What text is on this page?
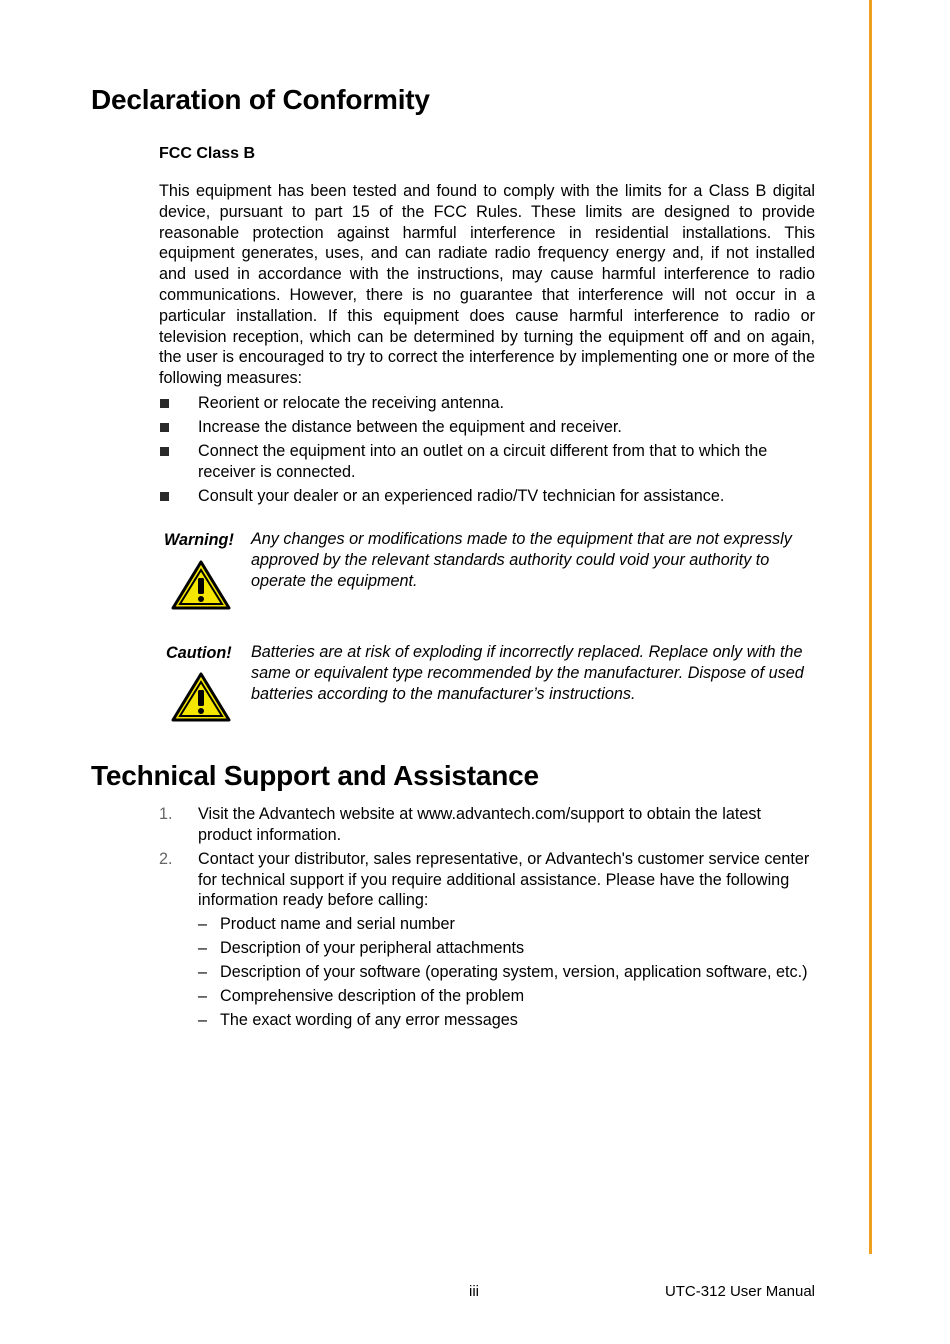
Declaration of Conformity
FCC Class B

This equipment has been tested and found to comply with the limits for a Class B digital device, pursuant to part 15 of the FCC Rules. These limits are designed to provide reasonable protection against harmful interference in residential installations. This equipment generates, uses, and can radiate radio frequency energy and, if not installed and used in accordance with the instructions, may cause harmful interference to radio communications. However, there is no guarantee that interference will not occur in a particular installation. If this equipment does cause harmful interference to radio or television reception, which can be determined by turning the equipment off and on again, the user is encouraged to try to correct the interference by implementing one or more of the following measures:

Reorient or relocate the receiving antenna.
Increase the distance between the equipment and receiver.
Connect the equipment into an outlet on a circuit different from that to which the receiver is connected.
Consult your dealer or an experienced radio/TV technician for assistance.
Warning! Any changes or modifications made to the equipment that are not expressly approved by the relevant standards authority could void your authority to operate the equipment.

Caution! Batteries are at risk of exploding if incorrectly replaced. Replace only with the same or equivalent type recommended by the manufacturer. Dispose of used batteries according to the manufacturer’s instructions.

Technical Support and Assistance
1. Visit the Advantech website at www.advantech.com/support to obtain the latest product information.
2. Contact your distributor, sales representative, or Advantech's customer service center for technical support if you require additional assistance. Please have the following information ready before calling:
– Product name and serial number
– Description of your peripheral attachments
– Description of your software (operating system, version, application software, etc.)
– Comprehensive description of the problem
– The exact wording of any error messages
iii	UTC-312 User Manual
